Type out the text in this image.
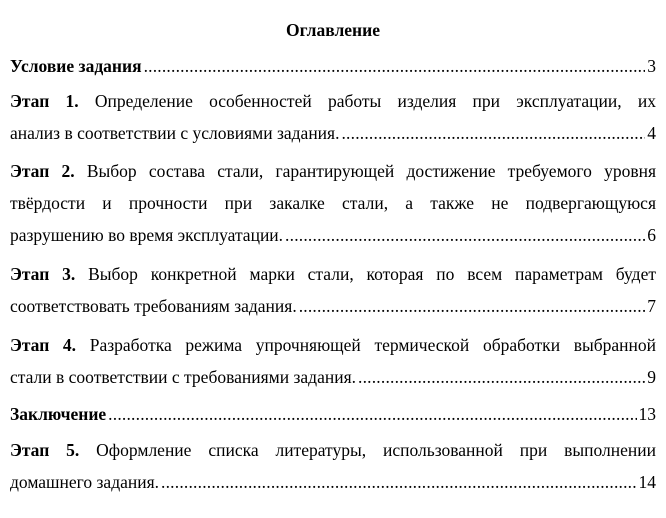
Оглавление
Условие задания .....	3
Этап 1. Определение особенностей работы изделия при эксплуатации, их
анализ в соответствии с условиями задания. .....	4
Этап 2. Выбор состава стали, гарантирующей достижение требуемого уровня
твёрдости и прочности при закалке стали, а также не подвергающуюся
разрушению во время эксплуатации. .....	6
Этап 3. Выбор конкретной марки стали, которая по всем параметрам будет
соответствовать требованиям задания. .....	7
Этап 4. Разработка режима упрочняющей термической обработки выбранной
стали в соответствии с требованиями задания. .....	9
Заключение .....	13
Этап 5. Оформление списка литературы, использованной при выполнении
домашнего задания. .....	14
